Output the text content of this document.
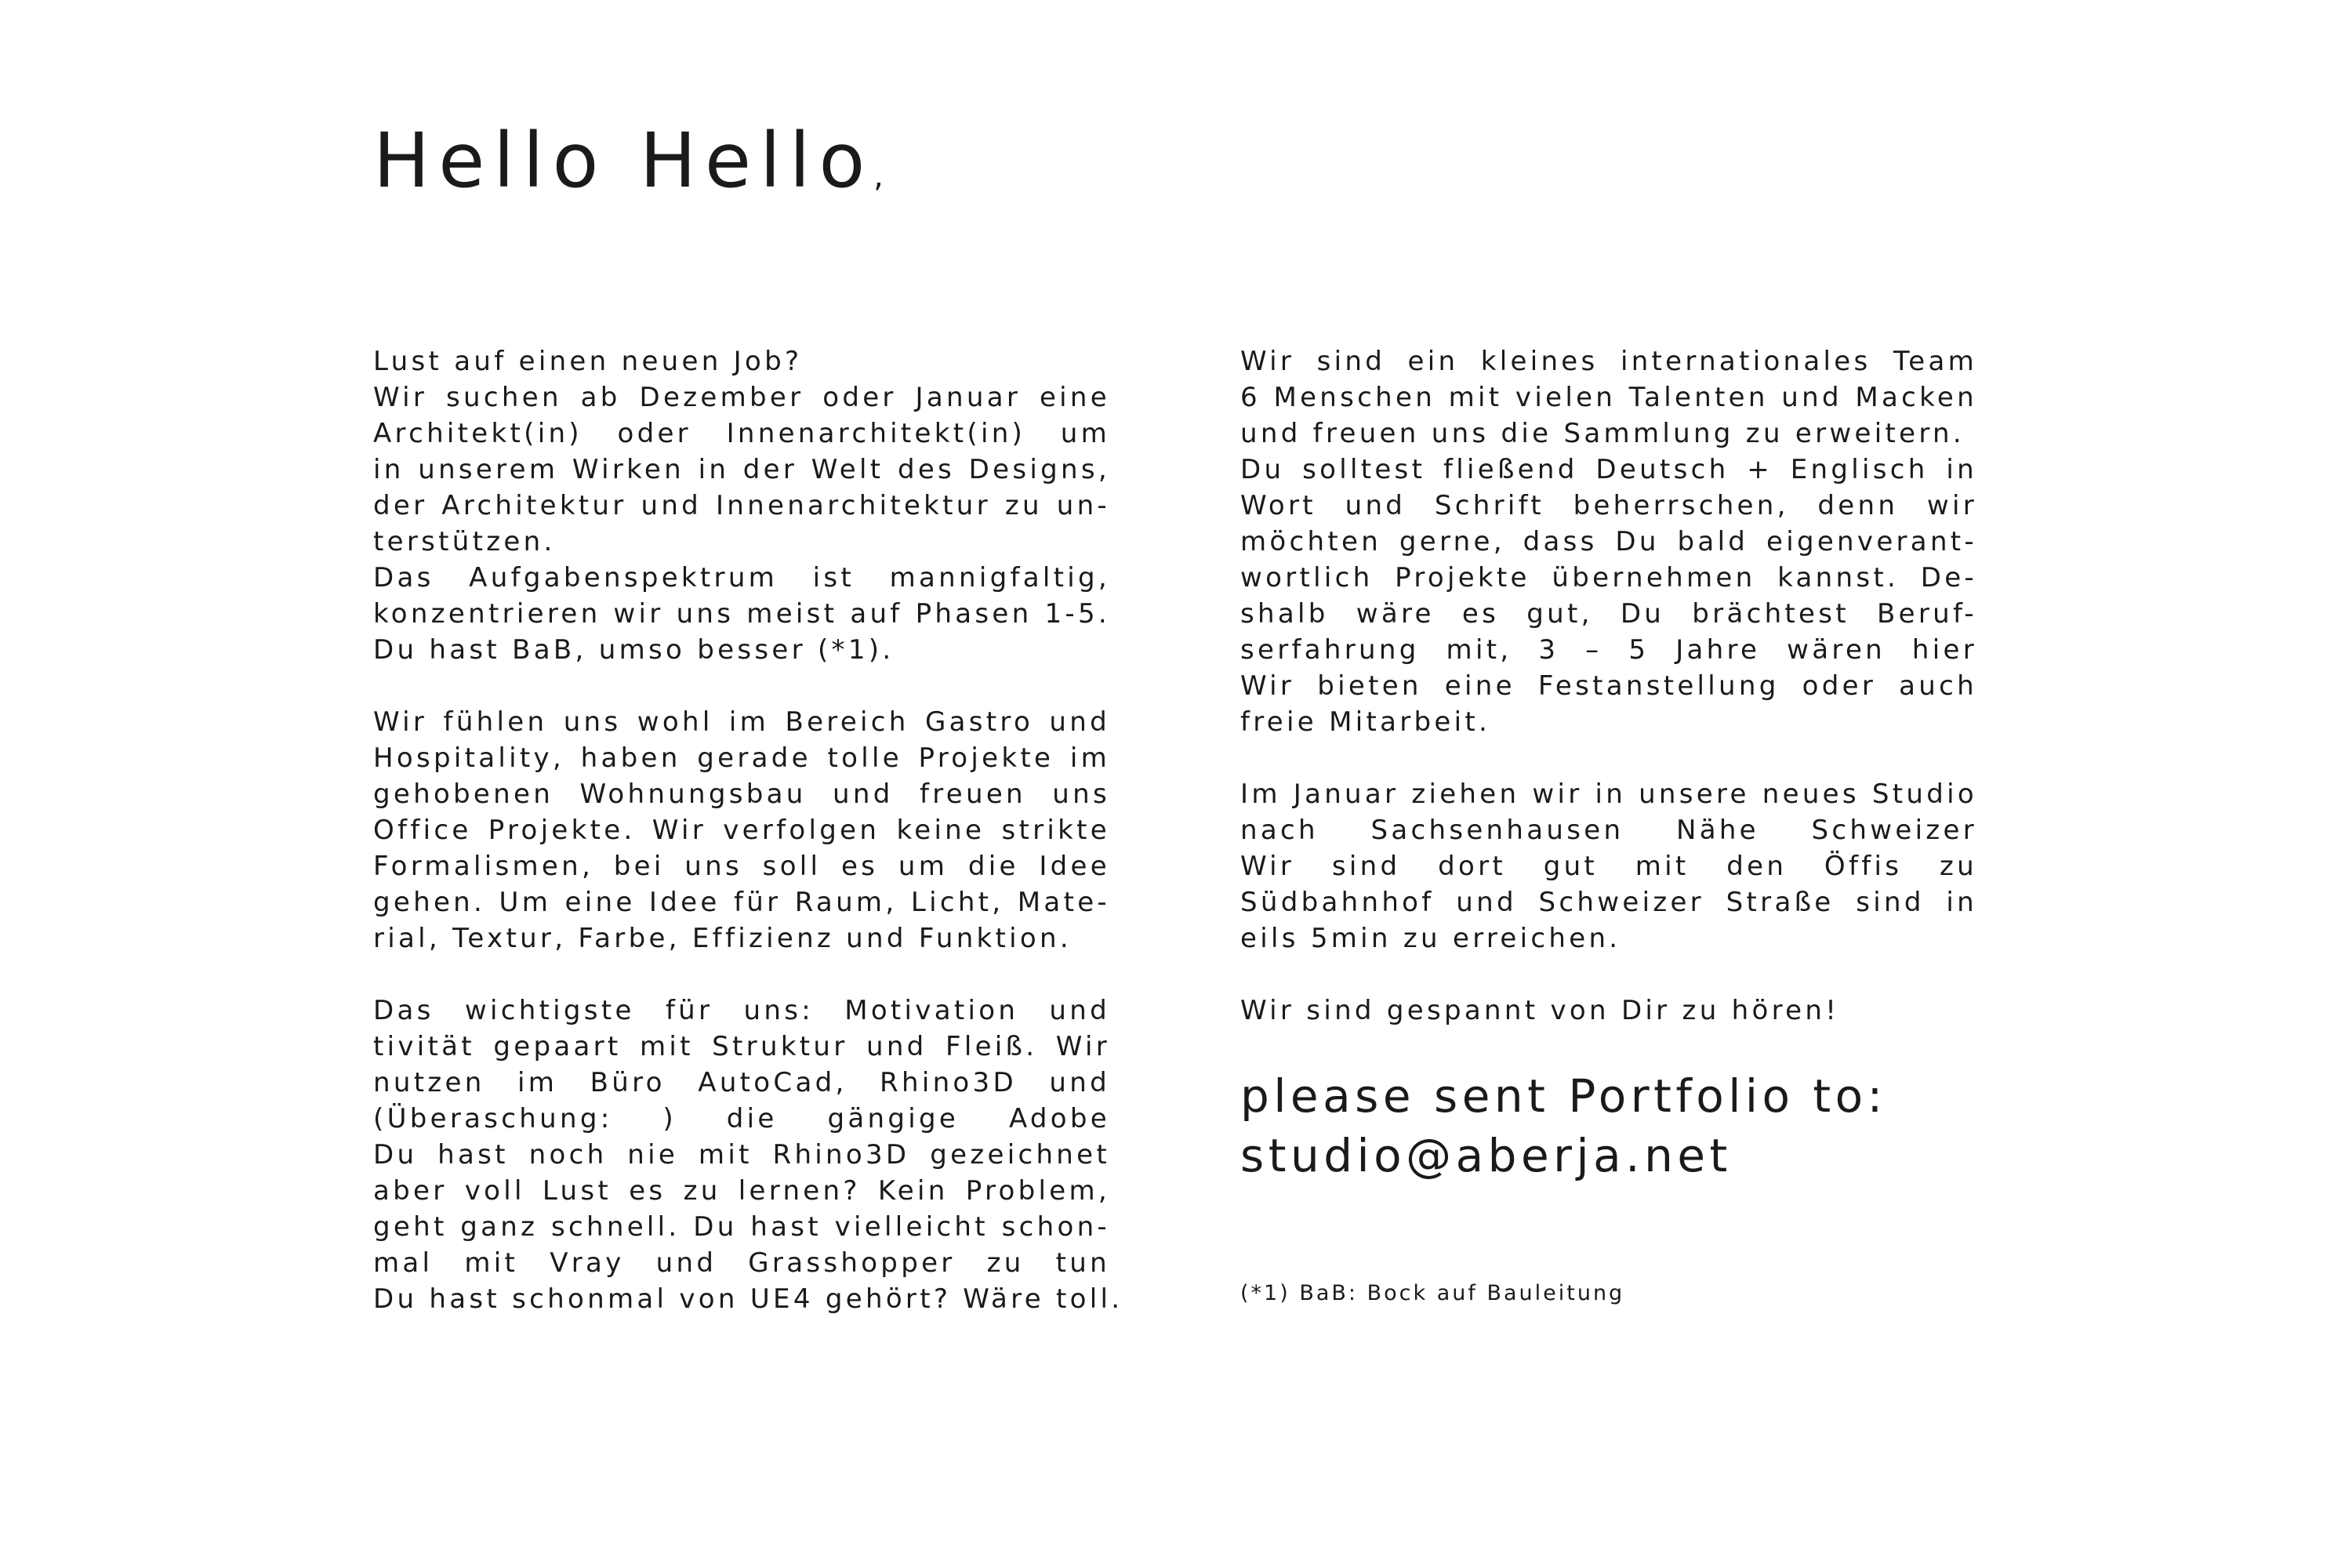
Hello Hello,

Lust auf einen neuen Job?
Wir suchen ab Dezember oder Januar eine
Architekt(in) oder Innenarchitekt(in) um
in unserem Wirken in der Welt des Designs,
der Architektur und Innenarchitektur zu un-
terstützen.
Das Aufgabenspektrum ist mannigfaltig,
konzentrieren wir uns meist auf Phasen 1-5.
Du hast BaB, umso besser (*1).

Wir fühlen uns wohl im Bereich Gastro und
Hospitality, haben gerade tolle Projekte im
gehobenen Wohnungsbau und freuen uns
Office Projekte. Wir verfolgen keine strikte
Formalismen, bei uns soll es um die Idee
gehen. Um eine Idee für Raum, Licht, Mate-
rial, Textur, Farbe, Effizienz und Funktion.

Das wichtigste für uns: Motivation und
tivität gepaart mit Struktur und Fleiß. Wir
nutzen im Büro AutoCad, Rhino3D und
(Überaschung: ) die gängige Adobe
Du hast noch nie mit Rhino3D gezeichnet
aber voll Lust es zu lernen? Kein Problem,
geht ganz schnell. Du hast vielleicht schon-
mal mit Vray und Grasshopper zu tun
Du hast schonmal von UE4 gehört? Wäre toll.

Wir sind ein kleines internationales Team
6 Menschen mit vielen Talenten und Macken
und freuen uns die Sammlung zu erweitern.
Du solltest fließend Deutsch + Englisch in
Wort und Schrift beherrschen, denn wir
möchten gerne, dass Du bald eigenverant-
wortlich Projekte übernehmen kannst. De-
shalb wäre es gut, Du brächtest Beruf-
serfahrung mit, 3 – 5 Jahre wären hier
Wir bieten eine Festanstellung oder auch
freie Mitarbeit.

Im Januar ziehen wir in unsere neues Studio
nach Sachsenhausen Nähe Schweizer
Wir sind dort gut mit den Öffis zu
Südbahnhof und Schweizer Straße sind in
eils 5min zu erreichen.

Wir sind gespannt von Dir zu hören!

please sent Portfolio to:
studio@aberja.net
(*1) BaB: Bock auf Bauleitung
